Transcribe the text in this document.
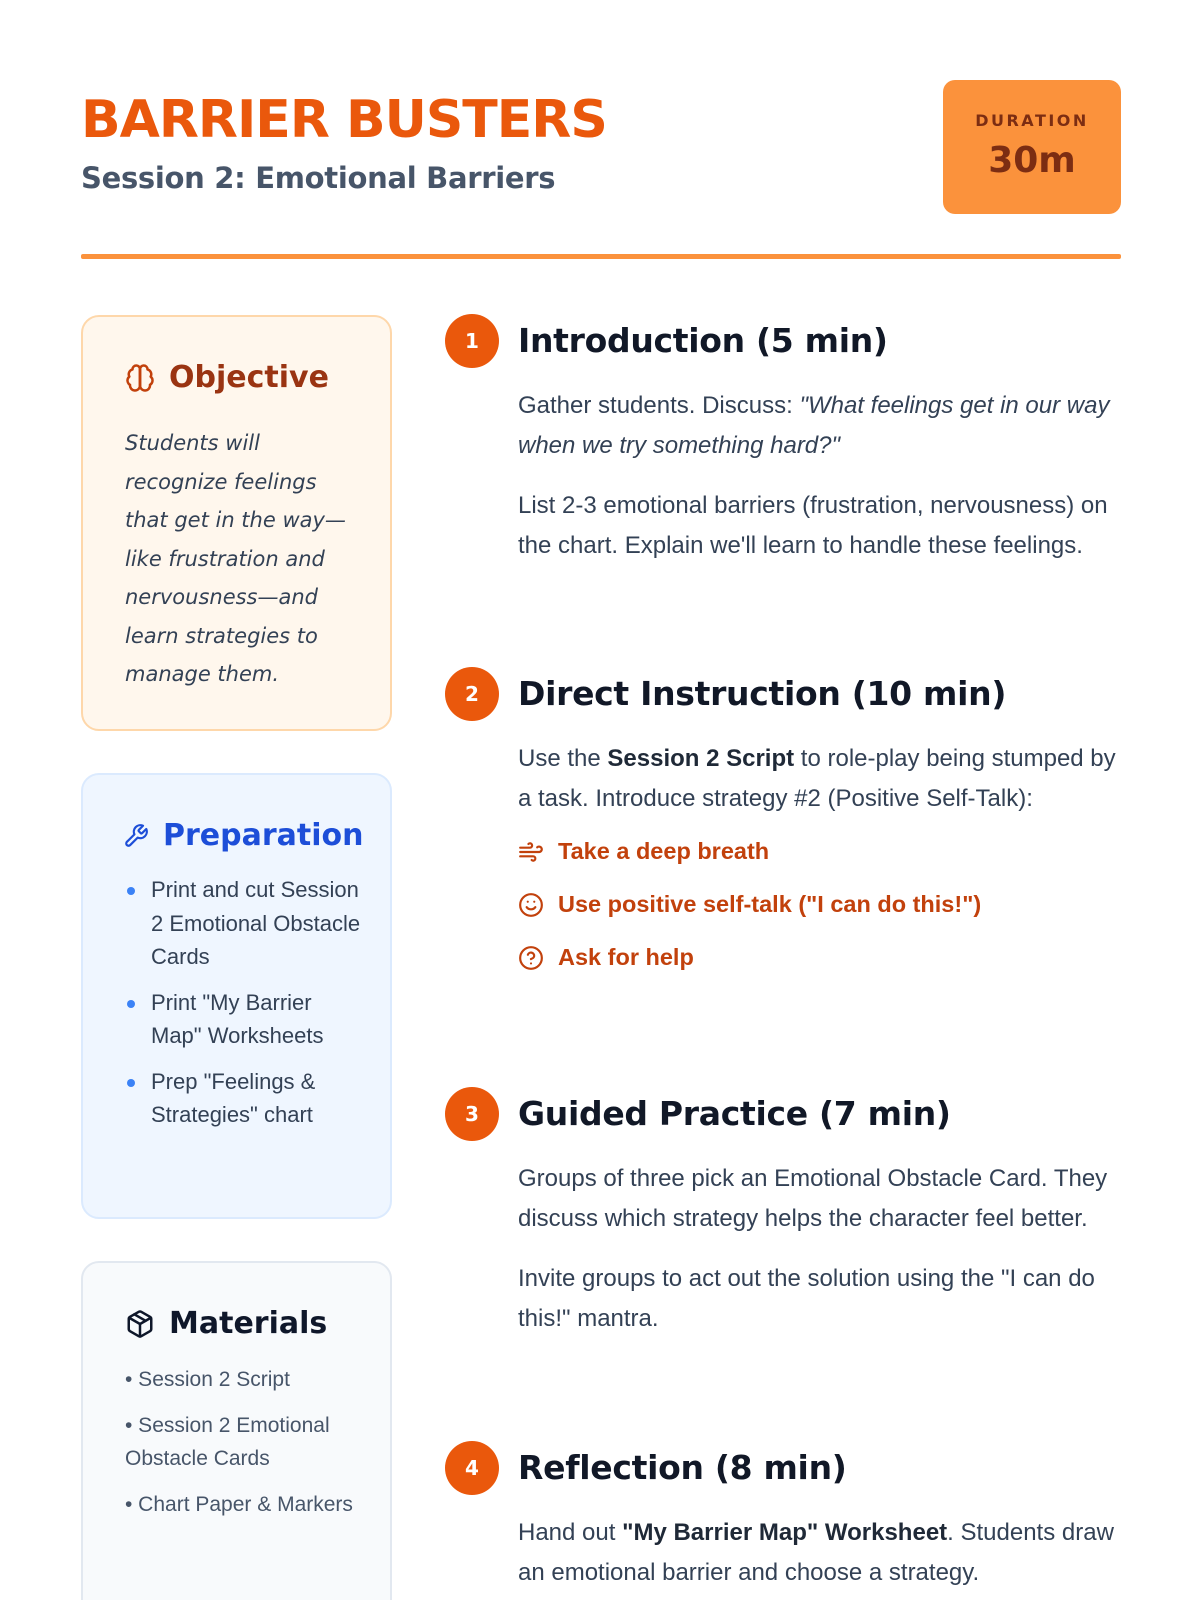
BARRIER BUSTERS
Session 2: Emotional Barriers
DURATION
30m
Objective

Students will recognize feelings that get in the way—like frustration and nervousness—and learn strategies to manage them.

Preparation
Print and cut Session 2 Emotional Obstacle Cards
Print "My Barrier Map" Worksheets
Prep "Feelings & Strategies" chart
Materials
• Session 2 Script
• Session 2 Emotional Obstacle Cards
• Chart Paper & Markers
1	Introduction (5 min)

Gather students. Discuss: "What feelings get in our way when we try something hard?"

List 2-3 emotional barriers (frustration, nervousness) on the chart. Explain we'll learn to handle these feelings.

2	Direct Instruction (10 min)

Use the Session 2 Script to role-play being stumped by a task. Introduce strategy #2 (Positive Self-Talk):

Take a deep breath
Use positive self-talk ("I can do this!")
Ask for help
3	Guided Practice (7 min)

Groups of three pick an Emotional Obstacle Card. They discuss which strategy helps the character feel better.

Invite groups to act out the solution using the "I can do this!" mantra.

4	Reflection (8 min)

Hand out "My Barrier Map" Worksheet. Students draw an emotional barrier and choose a strategy.
